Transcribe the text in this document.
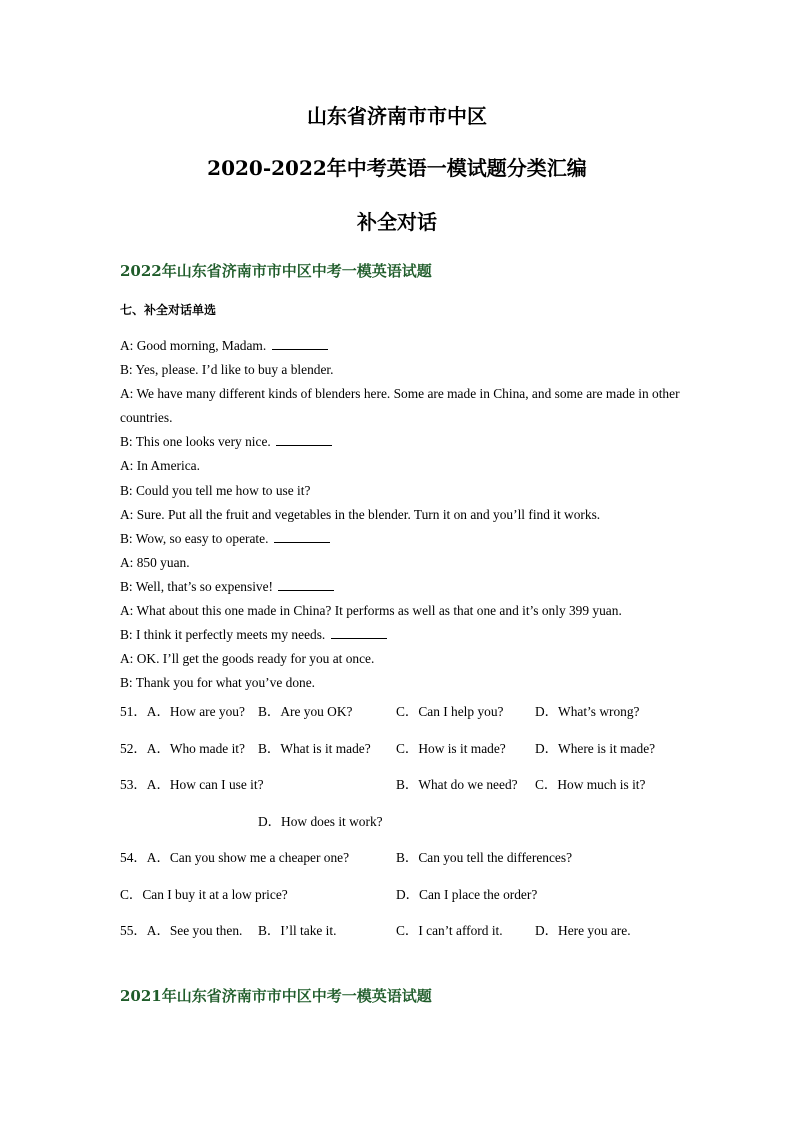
山东省济南市市中区
2020-2022年中考英语一模试题分类汇编
补全对话
2022年山东省济南市市中区中考一模英语试题
七、补全对话单选
A: Good morning, Madam.
B: Yes, please. I’d like to buy a blender.
A: We have many different kinds of blenders here. Some are made in China, and some are made in other countries.
B: This one looks very nice.
A: In America.
B: Could you tell me how to use it?
A: Sure. Put all the fruit and vegetables in the blender. Turn it on and you’ll find it works.
B: Wow, so easy to operate.
A: 850 yuan.
B: Well, that’s so expensive!
A: What about this one made in China? It performs as well as that one and it’s only 399 yuan.
B: I think it perfectly meets my needs.
A: OK. I’ll get the goods ready for you at once.
B: Thank you for what you’ve done.
51．A．How are you? B．Are you OK?	C．Can I help you? D．What’s wrong?
52．A．Who made it? B．What is it made? C．How is it made? D．Where is it made?
53．A．How can I use it?	B．What do we need? C．How much is it?
D．How does it work?
54．A．Can you show me a cheaper one?	B．Can you tell the differences?
C．Can I buy it at a low price?	D．Can I place the order?
55．A．See you then. B．I’ll take it.	C．I can’t afford it. D．Here you are.
2021年山东省济南市市中区中考一模英语试题
